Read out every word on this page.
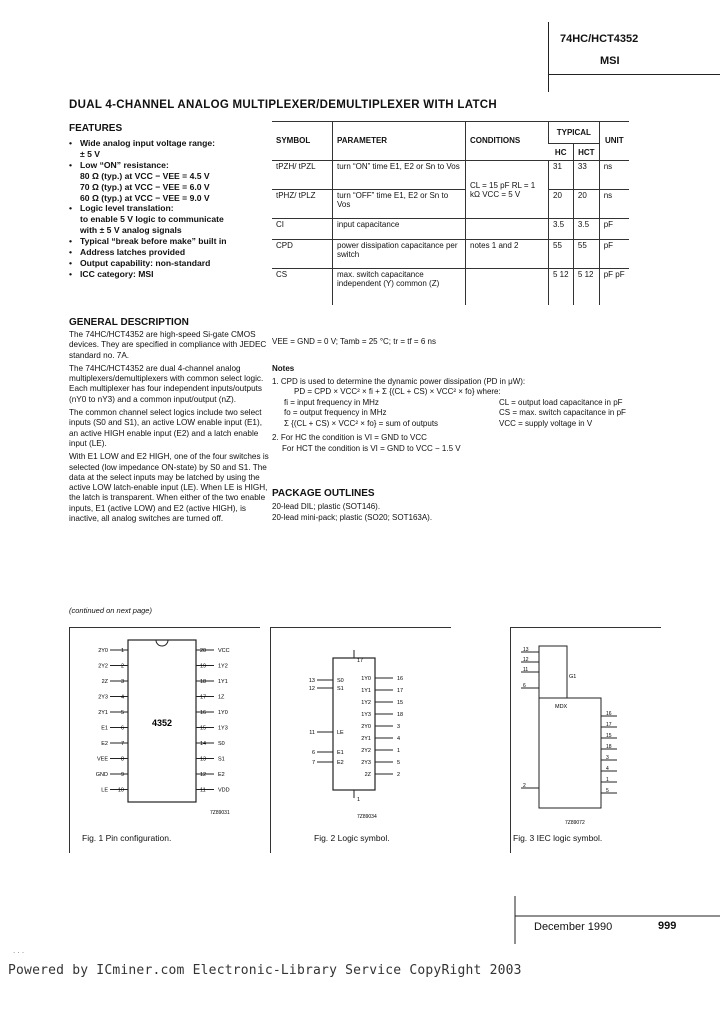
74HC/HCT4352
MSI
DUAL 4-CHANNEL ANALOG MULTIPLEXER/DEMULTIPLEXER WITH LATCH
FEATURES
• Wide analog input voltage range:
± 5 V
• Low “ON” resistance:
80 Ω (typ.) at VCC − VEE = 4.5 V
70 Ω (typ.) at VCC − VEE = 6.0 V
60 Ω (typ.) at VCC − VEE = 9.0 V
• Logic level translation:
to enable 5 V logic to communicate
with ± 5 V analog signals
• Typical “break before make” built in
• Address latches provided
• Output capability: non-standard
• ICC category: MSI
GENERAL DESCRIPTION

The 74HC/HCT4352 are high-speed Si-gate CMOS devices. They are specified in compliance with JEDEC standard no. 7A.

The 74HC/HCT4352 are dual 4-channel analog multiplexers/demultiplexers with common select logic. Each multiplexer has four independent inputs/outputs (nY0 to nY3) and a common input/output (nZ).

The common channel select logics include two select inputs (S0 and S1), an active LOW enable input (E1), an active HIGH enable input (E2) and a latch enable input (LE).

With E1 LOW and E2 HIGH, one of the four switches is selected (low impedance ON-state) by S0 and S1. The data at the select inputs may be latched by using the active LOW latch-enable input (LE). When LE is HIGH, the latch is transparent. When either of the two enable inputs, E1 (active LOW) and E2 (active HIGH), is inactive, all analog switches are turned off.

(continued on next page)
SYMBOL	PARAMETER	CONDITIONS	TYPICAL		UNIT
			HC	HCT	
tPZH/ tPZL	turn “ON” time E1, E2 or Sn to Vos	CL = 15 pF RL = 1 kΩ VCC = 5 V	31	33	ns
tPHZ/ tPLZ	turn “OFF” time E1, E2 or Sn to Vos		20	20	ns
CI	input capacitance		3.5	3.5	pF
CPD	power dissipation capacitance per switch	notes 1 and 2	55	55	pF
CS	max. switch capacitance independent (Y) common (Z)		5 12	5 12	pF pF
VEE = GND = 0 V; Tamb = 25 °C; tr = tf = 6 ns
Notes
1. CPD is used to determine the dynamic power dissipation (PD in μW):
PD = CPD × VCC² × fi + Σ {(CL + CS) × VCC² × fo} where:
fi = input frequency in MHz
fo = output frequency in MHz
Σ {(CL + CS) × VCC² × fo} = sum of outputs
CL = output load capacitance in pF
CS = max. switch capacitance in pF
VCC = supply voltage in V
2. For HC the condition is VI = GND to VCC
For HCT the condition is VI = GND to VCC − 1.5 V
PACKAGE OUTLINES
20-lead DIL; plastic (SOT146).
20-lead mini-pack; plastic (SO20; SOT163A).
4352
2Y0 1	20 VCC
2Y2 2	19 1Y2
2Z 3	18 1Y1
2Y3 4	17 1Z
2Y1 5	16 1Y0
E1 6	15 1Y3
E2 7	14 S0
VEE 8	13 S1
GND 9	12 E2
LE 10	11 VDD
7Z89031
Fig. 1 Pin configuration.
17
1
13	S0
12	S1
11	LE
6	E1
7	E2
16
1Y0
17
1Y1
15
1Y2
18
1Y3
3
2Y0
4
2Y1
1
2Y2
5
2Y3
2
2Z
7Z89034
Fig. 2 Logic symbol.
G1
MDX
13
12
11
6
16
17
15
18
3
4
1
5
2
7Z89072
Fig. 3 IEC logic symbol.
December 1990	999
. . .
Powered by ICminer.com Electronic-Library Service CopyRight 2003
